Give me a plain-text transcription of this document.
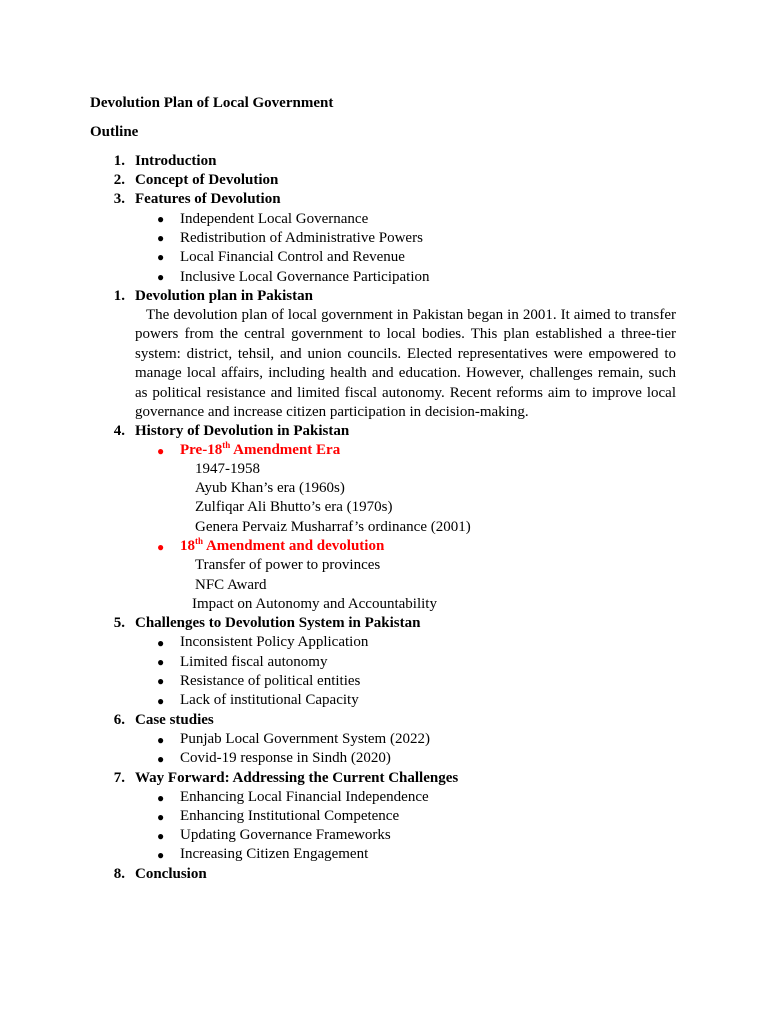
Devolution Plan of Local Government
Outline
1. Introduction
2. Concept of Devolution
3. Features of Devolution
● Independent Local Governance
● Redistribution of Administrative Powers
● Local Financial Control and Revenue
● Inclusive Local Governance Participation
1. Devolution plan in Pakistan
The devolution plan of local government in Pakistan began in 2001. It aimed to transfer powers from the central government to local bodies. This plan established a three-tier system: district, tehsil, and union councils. Elected representatives were empowered to manage local affairs, including health and education. However, challenges remain, such as political resistance and limited fiscal autonomy. Recent reforms aim to improve local governance and increase citizen participation in decision-making.
4. History of Devolution in Pakistan
● Pre-18th Amendment Era
1947-1958
Ayub Khan’s era (1960s)
Zulfiqar Ali Bhutto’s era (1970s)
Genera Pervaiz Musharraf’s ordinance (2001)
● 18th Amendment and devolution
Transfer of power to provinces
NFC Award
Impact on Autonomy and Accountability
5. Challenges to Devolution System in Pakistan
● Inconsistent Policy Application
● Limited fiscal autonomy
● Resistance of political entities
● Lack of institutional Capacity
6. Case studies
● Punjab Local Government System (2022)
● Covid-19 response in Sindh (2020)
7. Way Forward: Addressing the Current Challenges
● Enhancing Local Financial Independence
● Enhancing Institutional Competence
● Updating Governance Frameworks
● Increasing Citizen Engagement
8. Conclusion
